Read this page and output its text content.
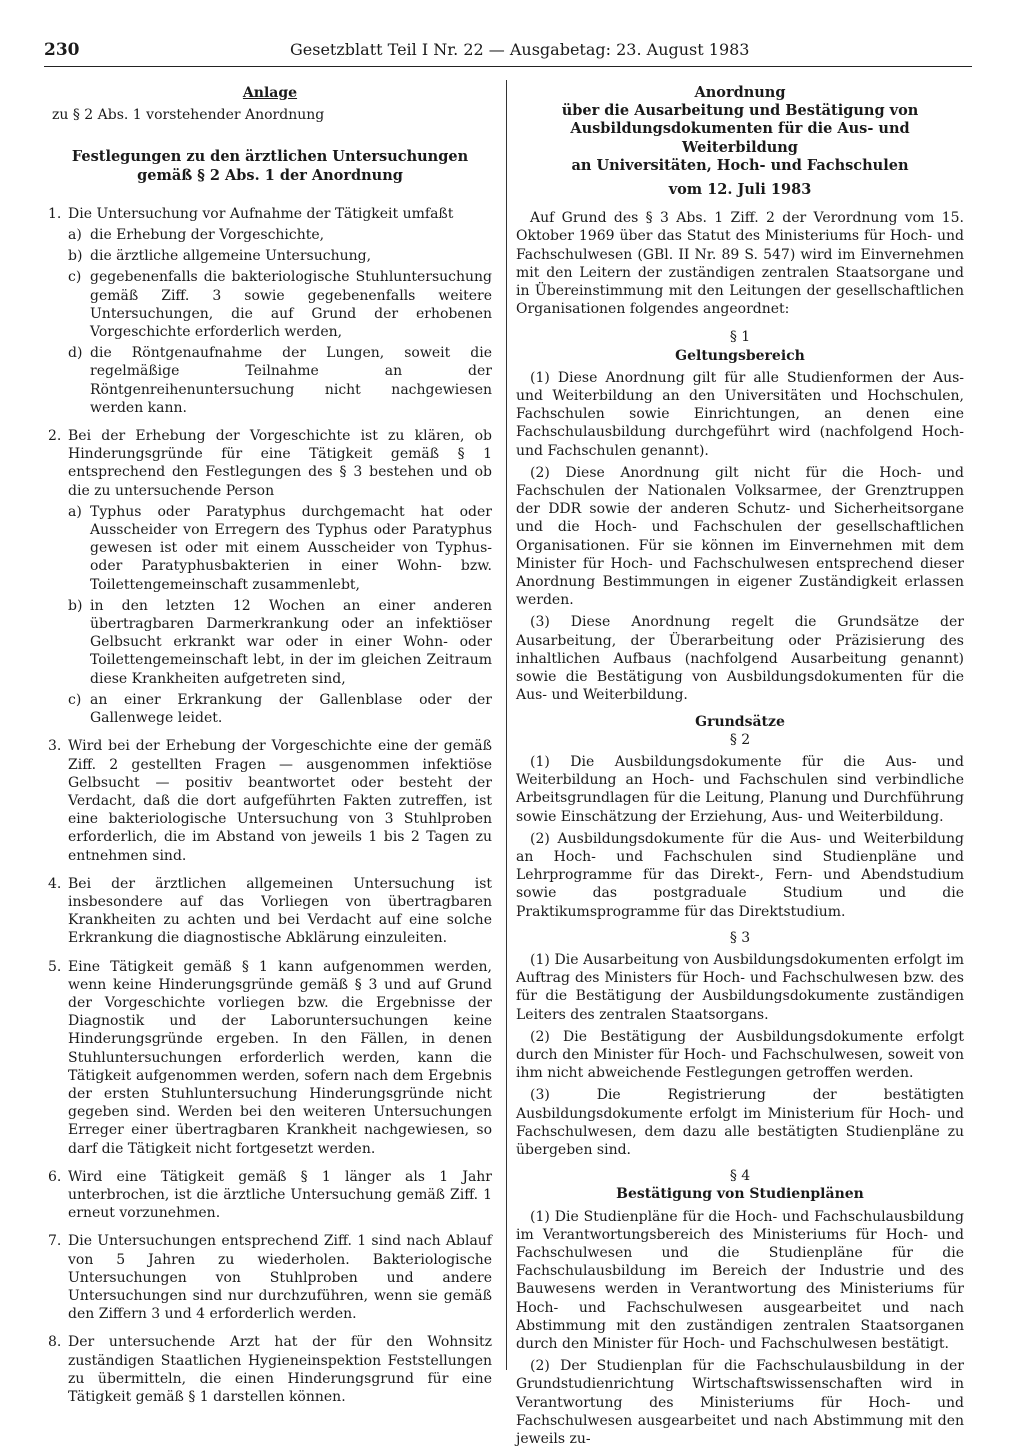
230	Gesetzblatt Teil I Nr. 22 — Ausgabetag: 23. August 1983

Anlage

zu § 2 Abs. 1 vorstehender Anordnung

Festlegungen zu den ärztlichen Untersuchungen

gemäß § 2 Abs. 1 der Anordnung

1. Die Untersuchung vor Aufnahme der Tätigkeit umfaßt

a) die Erhebung der Vorgeschichte,

b) die ärztliche allgemeine Untersuchung,

c) gegebenenfalls die bakteriologische Stuhluntersuchung gemäß Ziff. 3 sowie gegebenenfalls weitere Untersuchungen, die auf Grund der erhobenen Vorgeschichte erforderlich werden,

d) die Röntgenaufnahme der Lungen, soweit die regelmäßige Teilnahme an der Röntgenreihenuntersuchung nicht nachgewiesen werden kann.

2. Bei der Erhebung der Vorgeschichte ist zu klären, ob Hinderungsgründe für eine Tätigkeit gemäß § 1 entsprechend den Festlegungen des § 3 bestehen und ob die zu untersuchende Person

a) Typhus oder Paratyphus durchgemacht hat oder Ausscheider von Erregern des Typhus oder Paratyphus gewesen ist oder mit einem Ausscheider von Typhus- oder Paratyphusbakterien in einer Wohn- bzw. Toilettengemeinschaft zusammenlebt,

b) in den letzten 12 Wochen an einer anderen übertragbaren Darmerkrankung oder an infektiöser Gelbsucht erkrankt war oder in einer Wohn- oder Toilettengemeinschaft lebt, in der im gleichen Zeitraum diese Krankheiten aufgetreten sind,

c) an einer Erkrankung der Gallenblase oder der Gallenwege leidet.

3. Wird bei der Erhebung der Vorgeschichte eine der gemäß Ziff. 2 gestellten Fragen — ausgenommen infektiöse Gelbsucht — positiv beantwortet oder besteht der Verdacht, daß die dort aufgeführten Fakten zutreffen, ist eine bakteriologische Untersuchung von 3 Stuhlproben erforderlich, die im Abstand von jeweils 1 bis 2 Tagen zu entnehmen sind.

4. Bei der ärztlichen allgemeinen Untersuchung ist insbesondere auf das Vorliegen von übertragbaren Krankheiten zu achten und bei Verdacht auf eine solche Erkrankung die diagnostische Abklärung einzuleiten.

5. Eine Tätigkeit gemäß § 1 kann aufgenommen werden, wenn keine Hinderungsgründe gemäß § 3 und auf Grund der Vorgeschichte vorliegen bzw. die Ergebnisse der Diagnostik und der Laboruntersuchungen keine Hinderungsgründe ergeben. In den Fällen, in denen Stuhluntersuchungen erforderlich werden, kann die Tätigkeit aufgenommen werden, sofern nach dem Ergebnis der ersten Stuhluntersuchung Hinderungsgründe nicht gegeben sind. Werden bei den weiteren Untersuchungen Erreger einer übertragbaren Krankheit nachgewiesen, so darf die Tätigkeit nicht fortgesetzt werden.

6. Wird eine Tätigkeit gemäß § 1 länger als 1 Jahr unterbrochen, ist die ärztliche Untersuchung gemäß Ziff. 1 erneut vorzunehmen.

7. Die Untersuchungen entsprechend Ziff. 1 sind nach Ablauf von 5 Jahren zu wiederholen. Bakteriologische Untersuchungen von Stuhlproben und andere Untersuchungen sind nur durchzuführen, wenn sie gemäß den Ziffern 3 und 4 erforderlich werden.

8. Der untersuchende Arzt hat der für den Wohnsitz zuständigen Staatlichen Hygieneinspektion Feststellungen zu übermitteln, die einen Hinderungsgrund für eine Tätigkeit gemäß § 1 darstellen können.

Anordnung

über die Ausarbeitung und Bestätigung von

Ausbildungsdokumenten für die Aus- und Weiterbildung

an Universitäten, Hoch- und Fachschulen

vom 12. Juli 1983

Auf Grund des § 3 Abs. 1 Ziff. 2 der Verordnung vom 15. Oktober 1969 über das Statut des Ministeriums für Hoch- und Fachschulwesen (GBl. II Nr. 89 S. 547) wird im Einvernehmen mit den Leitern der zuständigen zentralen Staatsorgane und in Übereinstimmung mit den Leitungen der gesellschaftlichen Organisationen folgendes angeordnet:

§ 1

Geltungsbereich

(1) Diese Anordnung gilt für alle Studienformen der Aus- und Weiterbildung an den Universitäten und Hochschulen, Fachschulen sowie Einrichtungen, an denen eine Fachschulausbildung durchgeführt wird (nachfolgend Hoch- und Fachschulen genannt).

(2) Diese Anordnung gilt nicht für die Hoch- und Fachschulen der Nationalen Volksarmee, der Grenztruppen der DDR sowie der anderen Schutz- und Sicherheitsorgane und die Hoch- und Fachschulen der gesellschaftlichen Organisationen. Für sie können im Einvernehmen mit dem Minister für Hoch- und Fachschulwesen entsprechend dieser Anordnung Bestimmungen in eigener Zuständigkeit erlassen werden.

(3) Diese Anordnung regelt die Grundsätze der Ausarbeitung, der Überarbeitung oder Präzisierung des inhaltlichen Aufbaus (nachfolgend Ausarbeitung genannt) sowie die Bestätigung von Ausbildungsdokumenten für die Aus- und Weiterbildung.

Grundsätze

§ 2

(1) Die Ausbildungsdokumente für die Aus- und Weiterbildung an Hoch- und Fachschulen sind verbindliche Arbeitsgrundlagen für die Leitung, Planung und Durchführung sowie Einschätzung der Erziehung, Aus- und Weiterbildung.

(2) Ausbildungsdokumente für die Aus- und Weiterbildung an Hoch- und Fachschulen sind Studienpläne und Lehrprogramme für das Direkt-, Fern- und Abendstudium sowie das postgraduale Studium und die Praktikumsprogramme für das Direktstudium.

§ 3

(1) Die Ausarbeitung von Ausbildungsdokumenten erfolgt im Auftrag des Ministers für Hoch- und Fachschulwesen bzw. des für die Bestätigung der Ausbildungsdokumente zuständigen Leiters des zentralen Staatsorgans.

(2) Die Bestätigung der Ausbildungsdokumente erfolgt durch den Minister für Hoch- und Fachschulwesen, soweit von ihm nicht abweichende Festlegungen getroffen werden.

(3) Die Registrierung der bestätigten Ausbildungsdokumente erfolgt im Ministerium für Hoch- und Fachschulwesen, dem dazu alle bestätigten Studienpläne zu übergeben sind.

§ 4

Bestätigung von Studienplänen

(1) Die Studienpläne für die Hoch- und Fachschulausbildung im Verantwortungsbereich des Ministeriums für Hoch- und Fachschulwesen und die Studienpläne für die Fachschulausbildung im Bereich der Industrie und des Bauwesens werden in Verantwortung des Ministeriums für Hoch- und Fachschulwesen ausgearbeitet und nach Abstimmung mit den zuständigen zentralen Staatsorganen durch den Minister für Hoch- und Fachschulwesen bestätigt.

(2) Der Studienplan für die Fachschulausbildung in der Grundstudienrichtung Wirtschaftswissenschaften wird in Verantwortung des Ministeriums für Hoch- und Fachschulwesen ausgearbeitet und nach Abstimmung mit den jeweils zu-
